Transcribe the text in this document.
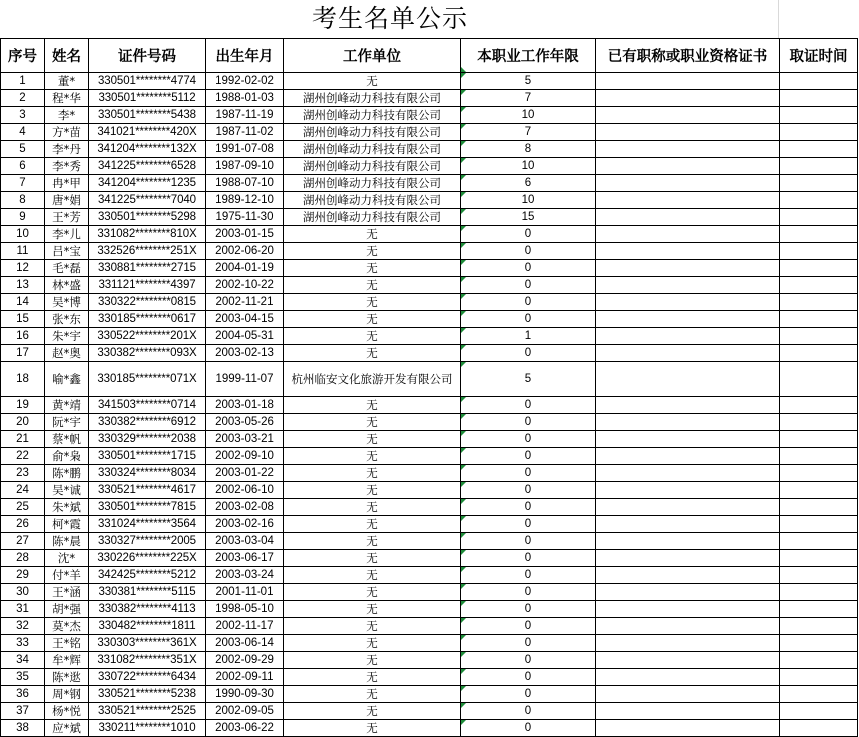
考生名单公示
序号	姓名	证件号码	出生年月	工作单位	本职业工作年限	已有职称或职业资格证书	取证时间
1	董*	330501********4774	1992-02-02	无	5		
2	程*华	330501********5112	1988-01-03	湖州创峰动力科技有限公司	7		
3	李*	330501********5438	1987-11-19	湖州创峰动力科技有限公司	10		
4	方*苗	341021********420X	1987-11-02	湖州创峰动力科技有限公司	7		
5	李*丹	341204********132X	1991-07-08	湖州创峰动力科技有限公司	8		
6	李*秀	341225********6528	1987-09-10	湖州创峰动力科技有限公司	10		
7	冉*甲	341204********1235	1988-07-10	湖州创峰动力科技有限公司	6		
8	唐*娟	341225********7040	1989-12-10	湖州创峰动力科技有限公司	10		
9	王*芳	330501********5298	1975-11-30	湖州创峰动力科技有限公司	15		
10	李*儿	331082********810X	2003-01-15	无	0		
11	吕*宝	332526********251X	2002-06-20	无	0		
12	毛*磊	330881********2715	2004-01-19	无	0		
13	林*盛	331121********4397	2002-10-22	无	0		
14	吴*博	330322********0815	2002-11-21	无	0		
15	张*东	330185********0617	2003-04-15	无	0		
16	朱*宇	330522********201X	2004-05-31	无	1		
17	赵*奥	330382********093X	2003-02-13	无	0		
18	喻*鑫	330185********071X	1999-11-07	杭州临安文化旅游开发有限公司	5		
19	黄*靖	341503********0714	2003-01-18	无	0		
20	阮*宇	330382********6912	2003-05-26	无	0		
21	蔡*帆	330329********2038	2003-03-21	无	0		
22	俞*枭	330501********1715	2002-09-10	无	0		
23	陈*鹏	330324********8034	2003-01-22	无	0		
24	吴*诚	330521********4617	2002-06-10	无	0		
25	朱*斌	330501********7815	2003-02-08	无	0		
26	柯*霞	331024********3564	2003-02-16	无	0		
27	陈*晨	330327********2005	2003-03-04	无	0		
28	沈*	330226********225X	2003-06-17	无	0		
29	付*羊	342425********5212	2003-03-24	无	0		
30	王*涵	330381********5115	2001-11-01	无	0		
31	胡*强	330382********4113	1998-05-10	无	0		
32	莫*杰	330482********1811	2002-11-17	无	0		
33	王*铭	330303********361X	2003-06-14	无	0		
34	牟*辉	331082********351X	2002-09-29	无	0		
35	陈*逖	330722********6434	2002-09-11	无	0		
36	周*钢	330521********5238	1990-09-30	无	0		
37	杨*悦	330521********2525	2002-09-05	无	0		
38	应*斌	330211********1010	2003-06-22	无	0		
